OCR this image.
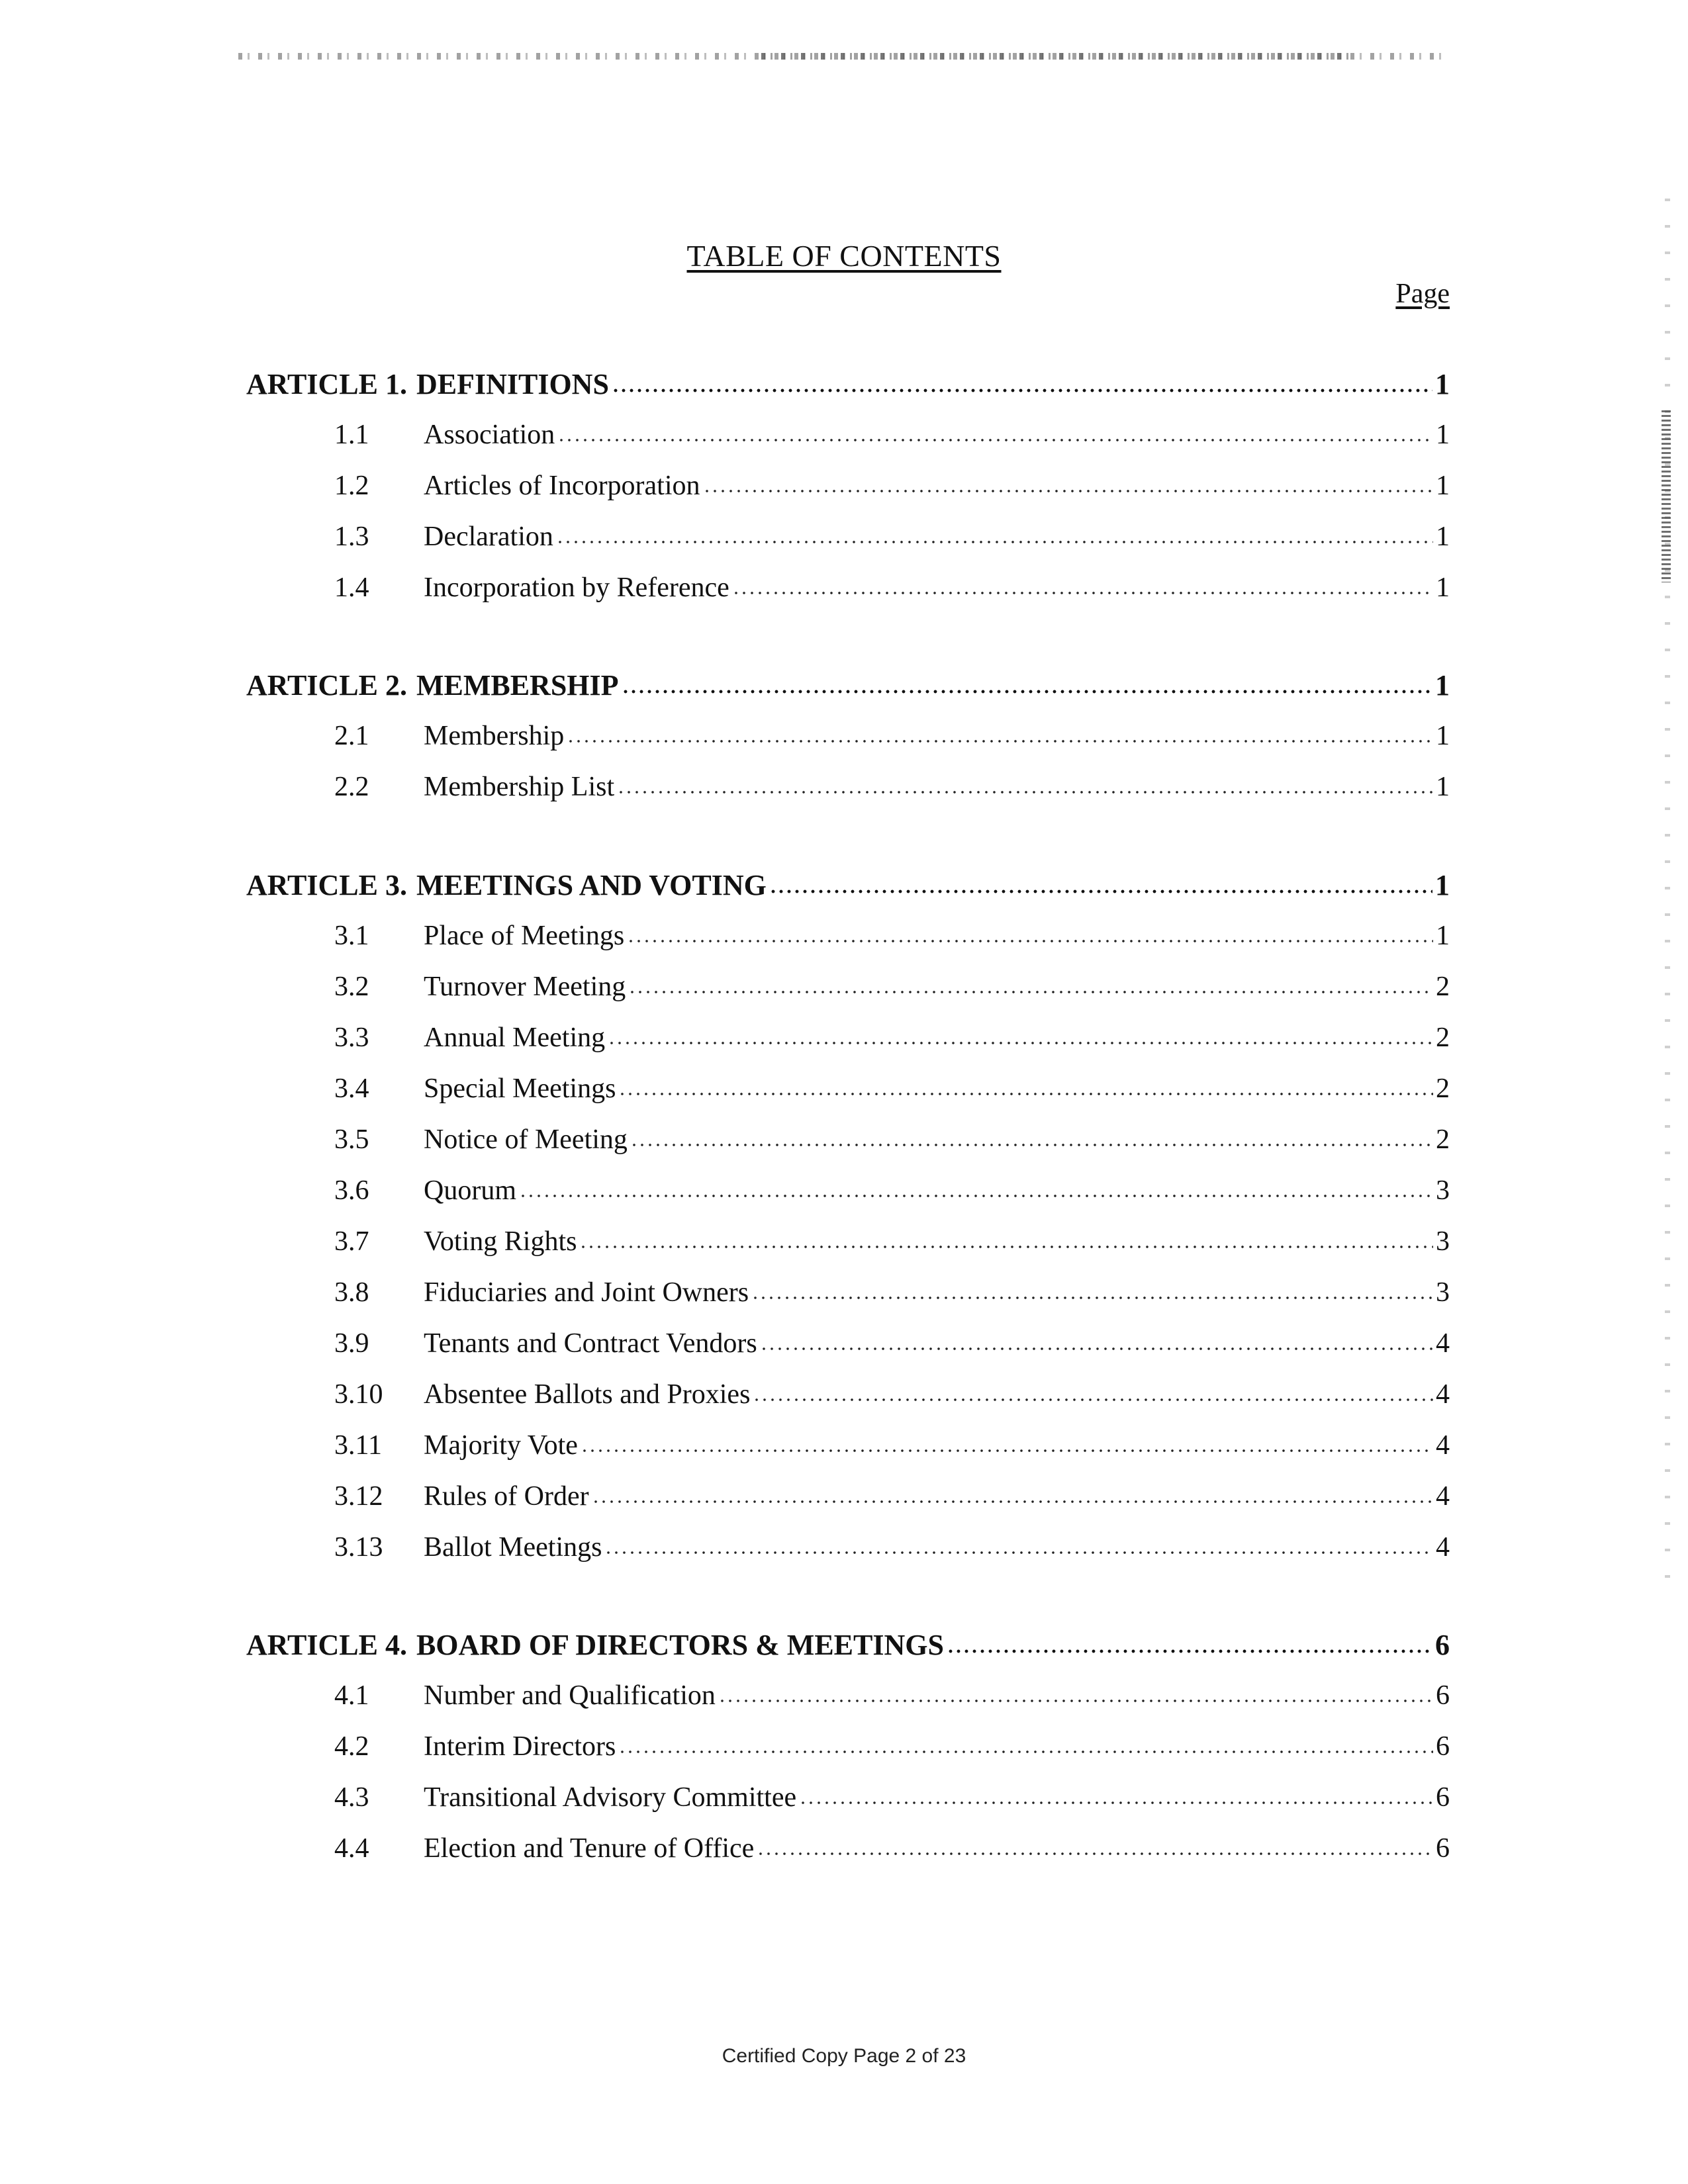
TABLE OF CONTENTS
Page
ARTICLE 1. DEFINITIONS	1
1.1	Association	1
1.2	Articles of Incorporation	1
1.3	Declaration	1
1.4	Incorporation by Reference	1
ARTICLE 2. MEMBERSHIP	1
2.1	Membership	1
2.2	Membership List	1
ARTICLE 3. MEETINGS AND VOTING	1
3.1	Place of Meetings	1
3.2	Turnover Meeting	2
3.3	Annual Meeting	2
3.4	Special Meetings	2
3.5	Notice of Meeting	2
3.6	Quorum	3
3.7	Voting Rights	3
3.8	Fiduciaries and Joint Owners	3
3.9	Tenants and Contract Vendors	4
3.10	Absentee Ballots and Proxies	4
3.11	Majority Vote	4
3.12	Rules of Order	4
3.13	Ballot Meetings	4
ARTICLE 4. BOARD OF DIRECTORS & MEETINGS	6
4.1	Number and Qualification	6
4.2	Interim Directors	6
4.3	Transitional Advisory Committee	6
4.4	Election and Tenure of Office	6
Certified Copy Page 2 of 23
